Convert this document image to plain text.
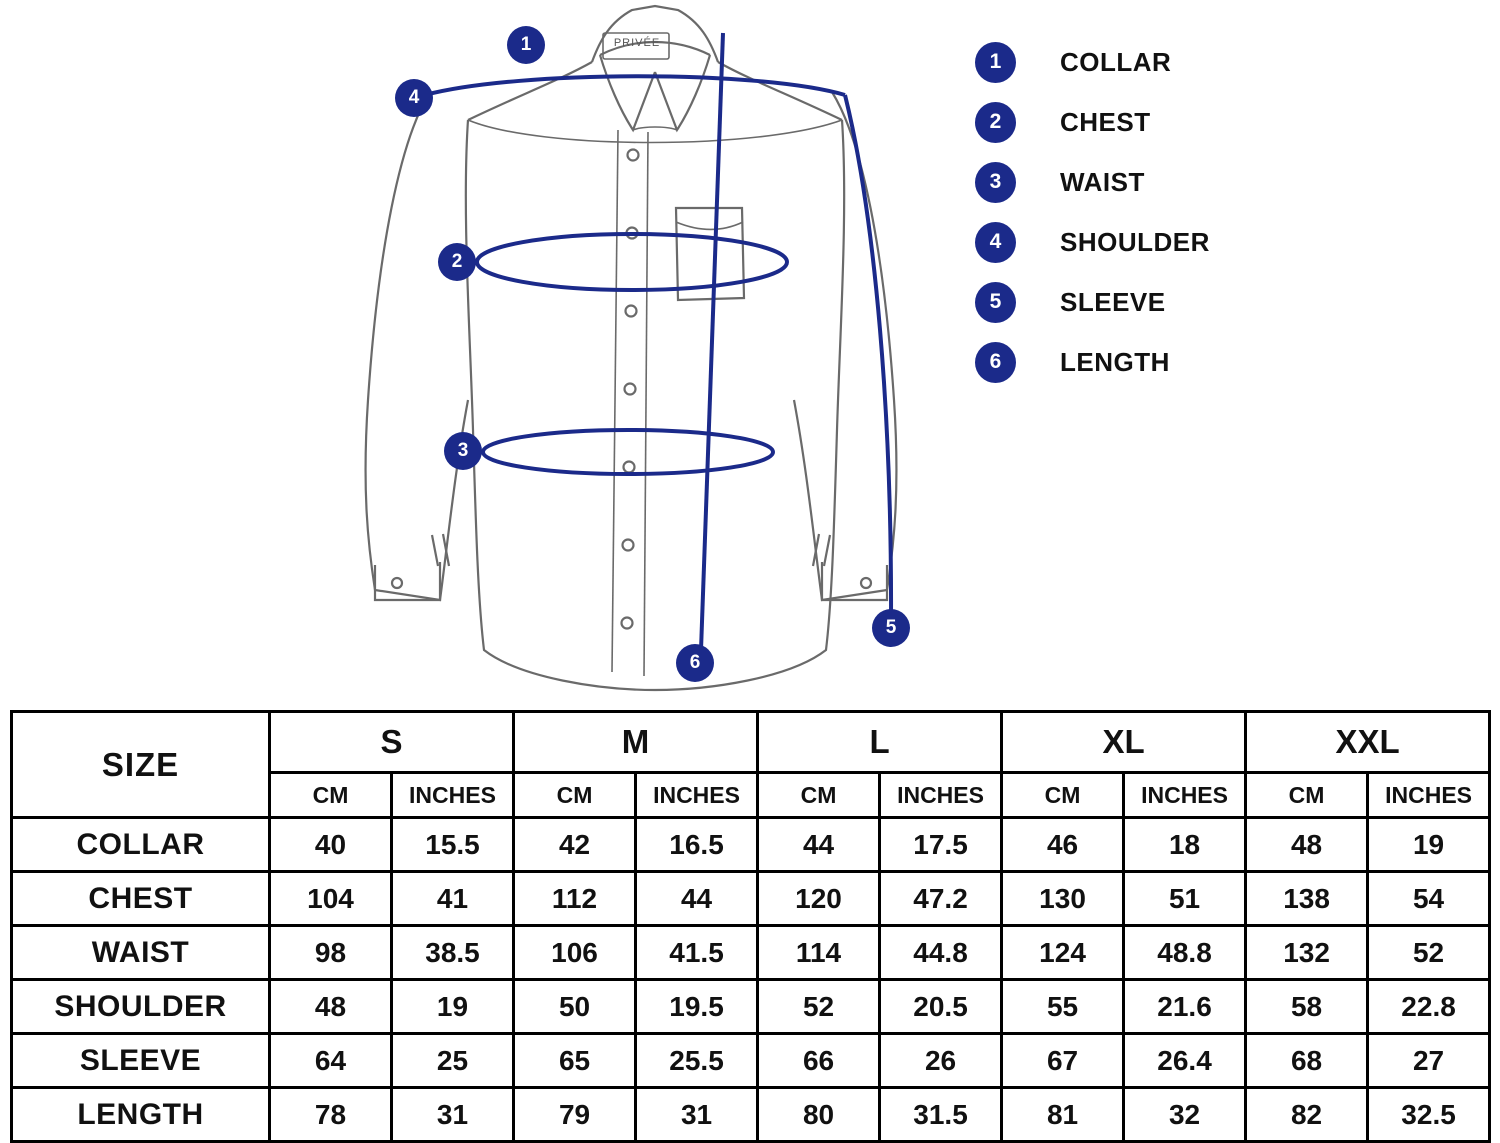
PRIVÉE
1
2
3
4
5
6
1	COLLAR
2	CHEST
3	WAIST
4	SHOULDER
5	SLEEVE
6	LENGTH
SIZE	S		M		L		XL		XXL	
	CM	INCHES	CM	INCHES	CM	INCHES	CM	INCHES	CM	INCHES
COLLAR	40	15.5	42	16.5	44	17.5	46	18	48	19
CHEST	104	41	112	44	120	47.2	130	51	138	54
WAIST	98	38.5	106	41.5	114	44.8	124	48.8	132	52
SHOULDER	48	19	50	19.5	52	20.5	55	21.6	58	22.8
SLEEVE	64	25	65	25.5	66	26	67	26.4	68	27
LENGTH	78	31	79	31	80	31.5	81	32	82	32.5
